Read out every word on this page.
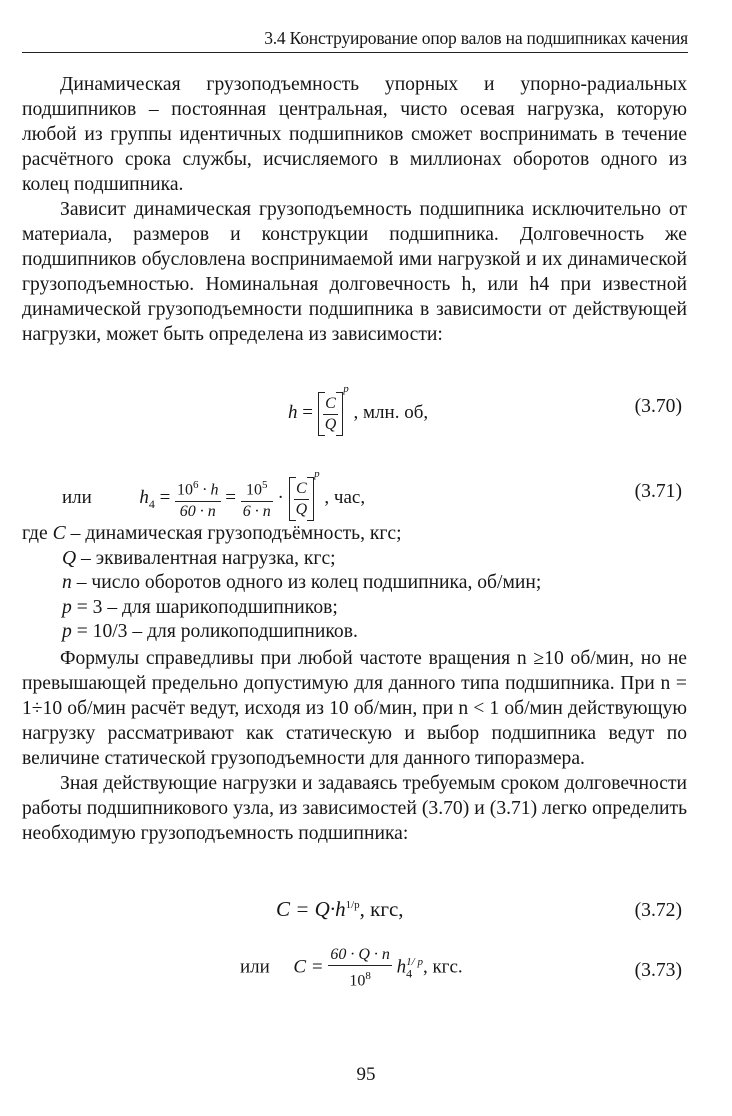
3.4 Конструирование опор валов на подшипниках качения

Динамическая грузоподъемность упорных и упорно-радиальных подшипников – постоянная центральная, чисто осевая нагрузка, которую любой из группы идентичных подшипников сможет воспринимать в течение расчётного срока службы, исчисляемого в миллионах оборотов одного из колец подшипника.

Зависит динамическая грузоподъемность подшипника исключительно от материала, размеров и конструкции подшипника. Долговечность же подшипников обусловлена воспринимаемой ими нагрузкой и их динамической грузоподъемностью. Номинальная долговечность h, или h4 при известной динамической грузоподъемности подшипника в зависимости от действующей нагрузки, может быть определена из зависимости:

$h = \frac{C}{Q}$
$^p$ , млн. об,	(3.70)
или	$h_4 = \frac{10^6 \cdot h}{60 \cdot n} = \frac{10^5}{6 \cdot n} \cdot \frac{C}{Q}$
$^p$ , час,	(3.71)
где C – динамическая грузоподъёмность, кгс;
Q – эквивалентная нагрузка, кгс;
n – число оборотов одного из колец подшипника, об/мин;
p = 3 – для шарикоподшипников;
p = 10/3 – для роликоподшипников.

Формулы справедливы при любой частоте вращения n ≥10 об/мин, но не превышающей предельно допустимую для данного типа подшипника. При n = 1÷10 об/мин расчёт ведут, исходя из 10 об/мин, при n < 1 об/мин действующую нагрузку рассматривают как статическую и выбор подшипника ведут по величине статической грузоподъемности для данного типоразмера.

Зная действующие нагрузки и задаваясь требуемым сроком долговечности работы подшипникового узла, из зависимостей (3.70) и (3.71) легко определить необходимую грузоподъемность подшипника:

$C = Q\cdot h^{1/p}$, кгс,	(3.72)
или $C = \frac{60 \cdot Q \cdot n}{10^8} h_4^{1/ p}$, кгс.	(3.73)
95
